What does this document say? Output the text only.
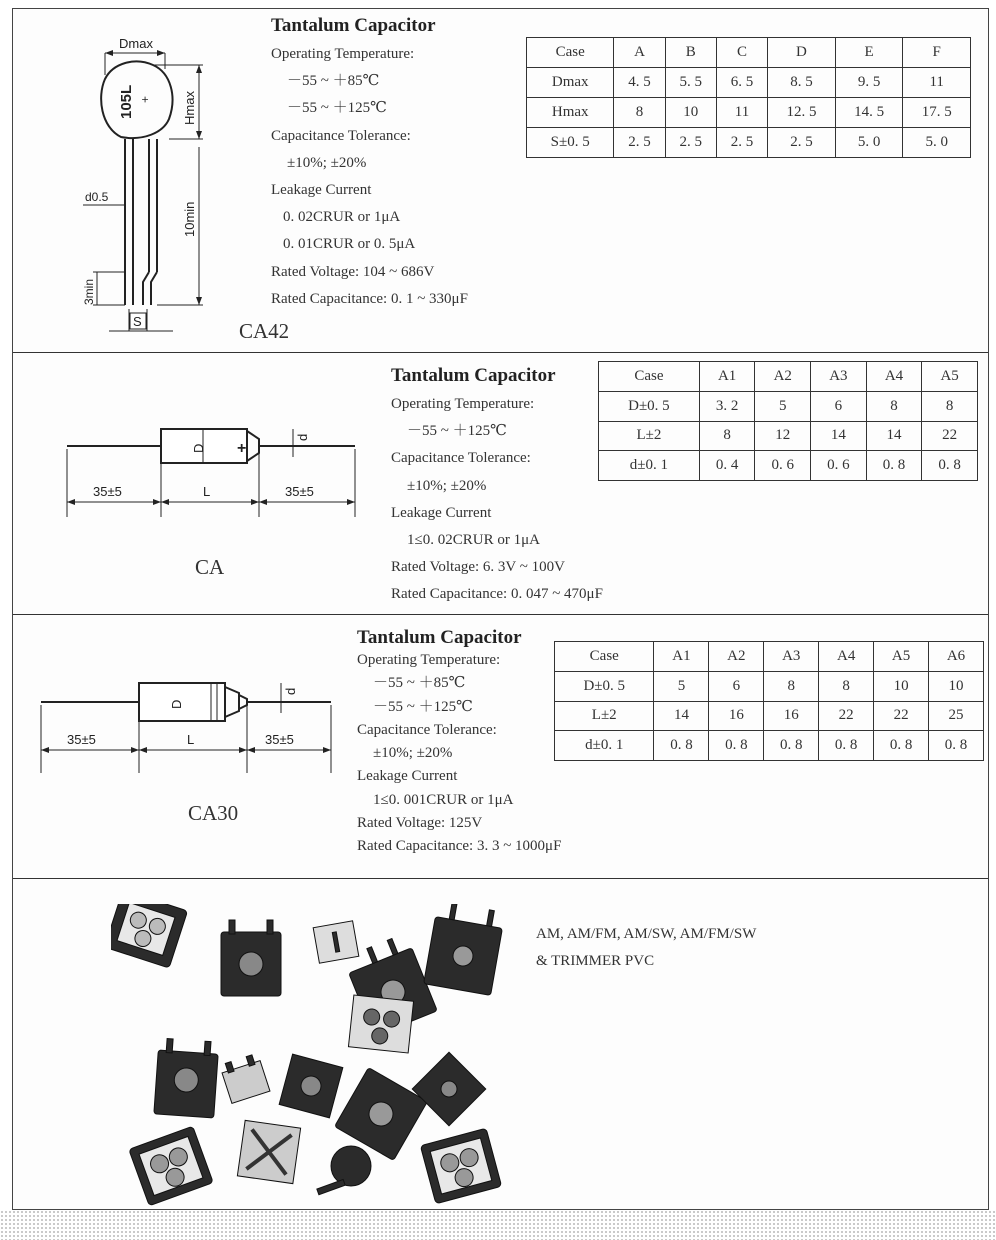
105L +
Dmax
Hmax
d0.5
10min
3min
S	CA42
Tantalum Capacitor
Operating Temperature:
－55 ~ ＋85℃
－55 ~ ＋125℃
Capacitance Tolerance:
±10%; ±20%
Leakage Current
0. 02CRUR or 1μA
0. 01CRUR or 0. 5μA
Rated Voltage: 104 ~ 686V
Rated Capacitance: 0. 1 ~ 330μF
Case	A	B	C	D	E	F
Dmax	4. 5	5. 5	6. 5	8. 5	9. 5	11
Hmax	8	10	11	12. 5	14. 5	17. 5
S±0. 5	2. 5	2. 5	2. 5	2. 5	5. 0	5. 0
D +
d
35±5	L	35±5
CA
Tantalum Capacitor
Operating Temperature:
－55 ~ ＋125℃
Capacitance Tolerance:
±10%; ±20%
Leakage Current
1≤0. 02CRUR or 1μA
Rated Voltage: 6. 3V ~ 100V
Rated Capacitance: 0. 047 ~ 470μF
Case	A1	A2	A3	A4	A5
D±0. 5	3. 2	5	6	8	8
L±2	8	12	14	14	22
d±0. 1	0. 4	0. 6	0. 6	0. 8	0. 8
D
d
35±5	L	35±5
CA30
Tantalum Capacitor
Operating Temperature:
－55 ~ ＋85℃
－55 ~ ＋125℃
Capacitance Tolerance:
±10%; ±20%
Leakage Current
1≤0. 001CRUR or 1μA
Rated Voltage: 125V
Rated Capacitance: 3. 3 ~ 1000μF
Case	A1	A2	A3	A4	A5	A6
D±0. 5	5	6	8	8	10	10
L±2	14	16	16	22	22	25
d±0. 1	0. 8	0. 8	0. 8	0. 8	0. 8	0. 8
AM, AM/FM, AM/SW, AM/FM/SW
& TRIMMER PVC
